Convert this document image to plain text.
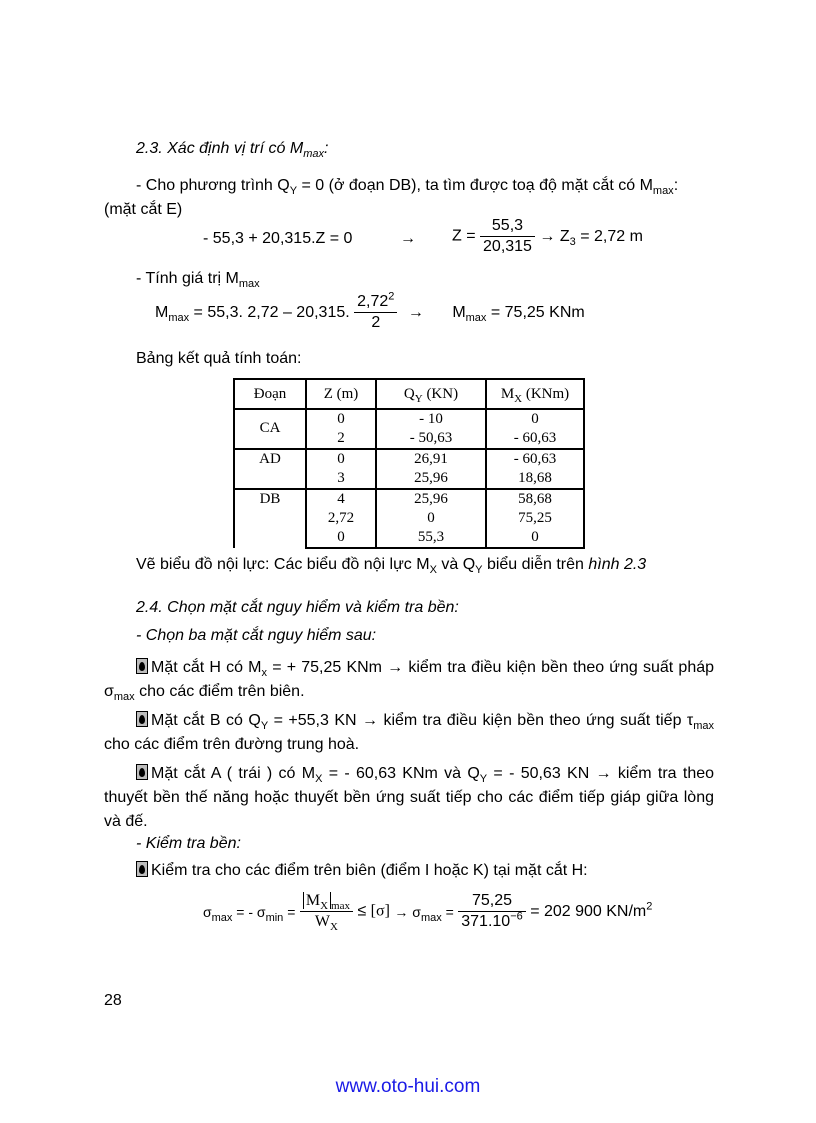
2.3. Xác định vị trí có $M_{max}$:
- Cho phương trình $Q_Y = 0$ (ở đoạn DB), ta tìm được toạ độ mặt cắt có $M_{max}$:
(mặt cắt E)
- 55,3 + 20,315.Z = 0	→ $Z = \frac{55,3}{20,315} \to Z_3 = 2,72$ m
- Tính giá trị $M_{max}$
$M_{max} = 55,3$. 2,72 – 20,315. $\frac{2,72^2}{2} \to M_{max} = 75,25$ KNm
Bảng kết quả tính toán:
Đoạn	Z (m)	$Q_Y$ (KN)	$M_X$ (KNm)
CA	0	- 10	0
	2	- 50,63	- 60,63
AD	0	26,91	- 60,63
	3	25,96	18,68
DB	4	25,96	58,68
	2,72	0	75,25
	0	55,3	0
Vẽ biểu đồ nội lực: Các biểu đồ nội lực $M_X$ và $Q_Y$ biểu diễn trên hình 2.3
2.4. Chọn mặt cắt nguy hiểm và kiểm tra bền:
- Chọn ba mặt cắt nguy hiểm sau:
Mặt cắt H có $M_x$ = + 75,25 KNm → kiểm tra điều kiện bền theo ứng suất pháp $\sigma_{max}$ cho các điểm trên biên.
Mặt cắt B có $Q_Y = +55,3$ KN → kiểm tra điều kiện bền theo ứng suất tiếp $\tau_{max}$ cho các điểm trên đường trung hoà.
Mặt cắt A ( trái ) có $M_X$ = - 60,63 KNm và $Q_Y$ = - 50,63 KN → kiểm tra theo thuyết bền thế năng hoặc thuyết bền ứng suất tiếp cho các điểm tiếp giáp giữa lòng và đế.
- Kiểm tra bền:
Kiểm tra cho các điểm trên biên (điểm I hoặc K) tại mặt cắt H:
$\sigma_{max}$ = - $\sigma_{min} = \frac{M_X _{max}}{W_X} \le [\sigma] \to \sigma_{max} = \frac{75,25}{371.10^{-6}} = 202$ 900 $KN/m^2$
28
www.oto-hui.com
